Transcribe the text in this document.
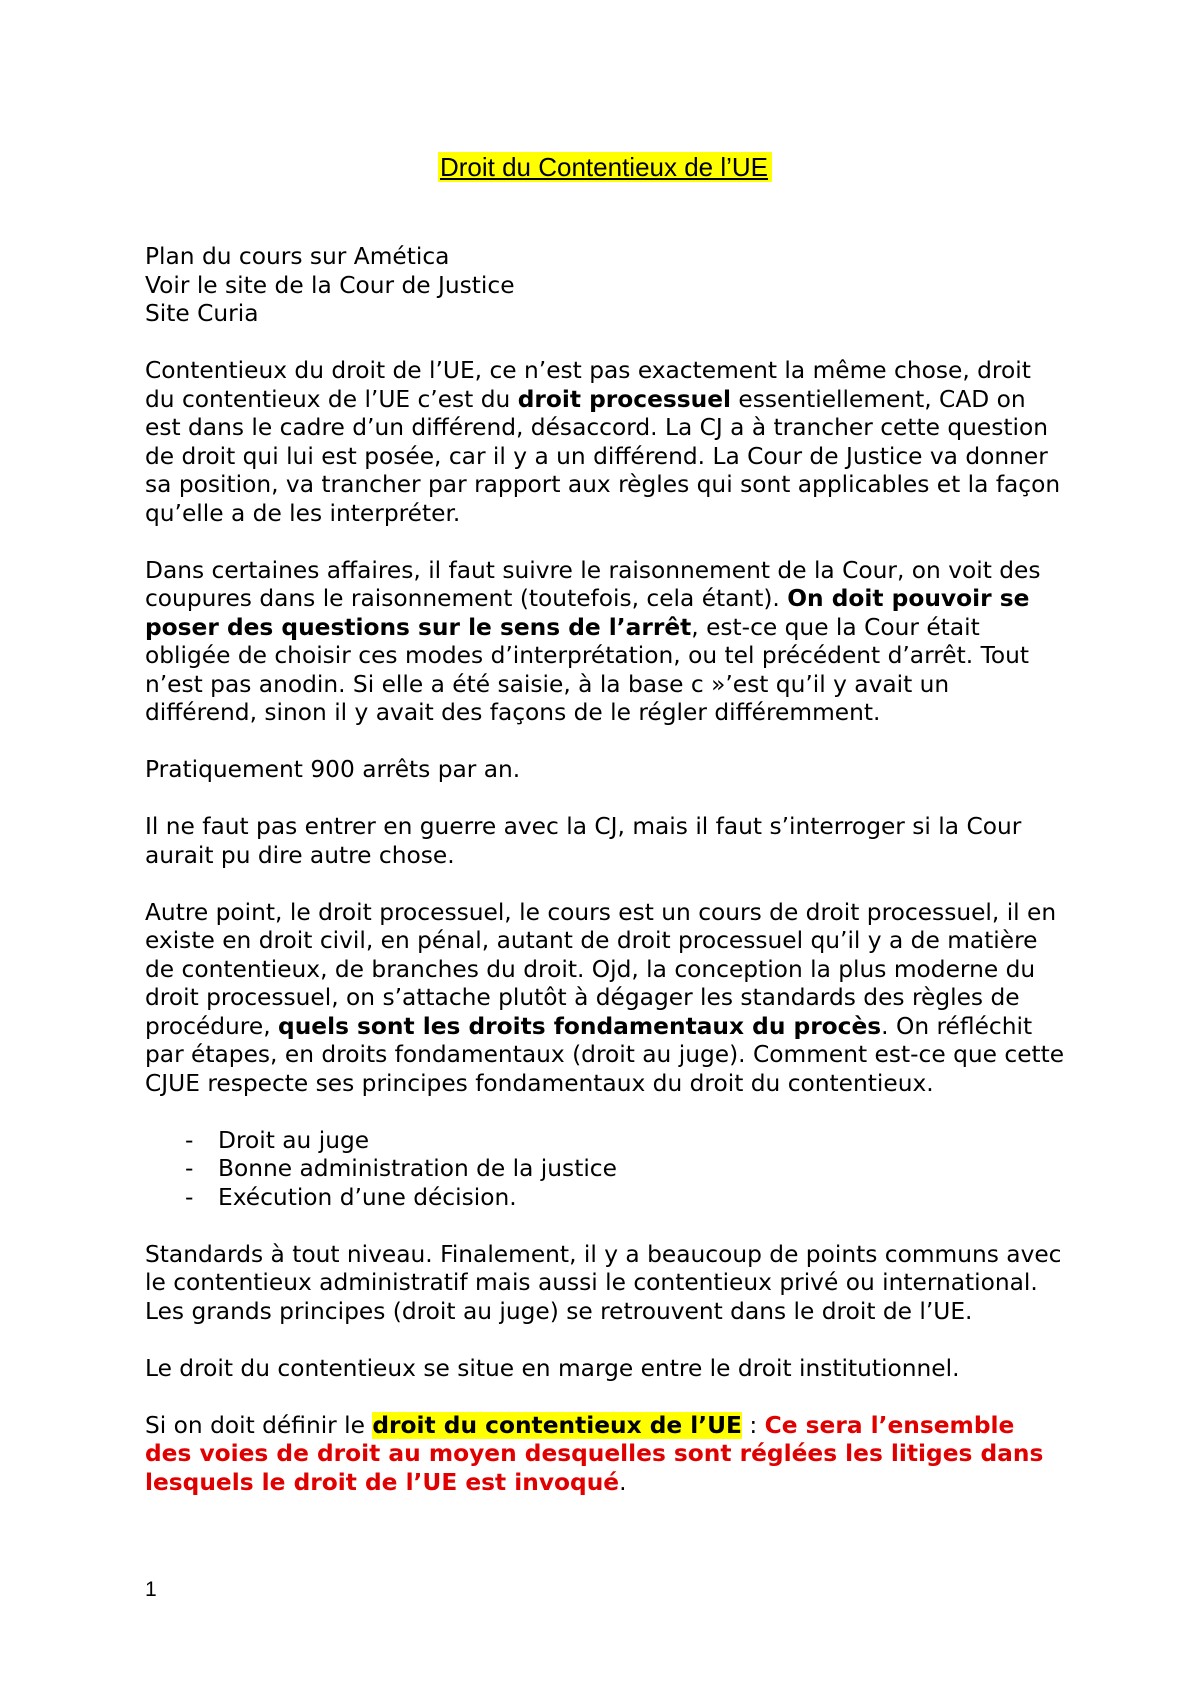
Droit du Contentieux de l’UE

Plan du cours sur Amética
Voir le site de la Cour de Justice
Site Curia

Contentieux du droit de l’UE, ce n’est pas exactement la même chose, droit du contentieux de l’UE c’est du droit processuel essentiellement, CAD on est dans le cadre d’un différend, désaccord. La CJ a à trancher cette question de droit qui lui est posée, car il y a un différend. La Cour de Justice va donner sa position, va trancher par rapport aux règles qui sont applicables et la façon qu’elle a de les interpréter.

Dans certaines affaires, il faut suivre le raisonnement de la Cour, on voit des coupures dans le raisonnement (toutefois, cela étant). On doit pouvoir se poser des questions sur le sens de l’arrêt, est-ce que la Cour était obligée de choisir ces modes d’interprétation, ou tel précédent d’arrêt. Tout n’est pas anodin. Si elle a été saisie, à la base c »’est qu’il y avait un différend, sinon il y avait des façons de le régler différemment.

Pratiquement 900 arrêts par an.

Il ne faut pas entrer en guerre avec la CJ, mais il faut s’interroger si la Cour aurait pu dire autre chose.

Autre point, le droit processuel, le cours est un cours de droit processuel, il en existe en droit civil, en pénal, autant de droit processuel qu’il y a de matière de contentieux, de branches du droit. Ojd, la conception la plus moderne du droit processuel, on s’attache plutôt à dégager les standards des règles de procédure, quels sont les droits fondamentaux du procès. On réfléchit par étapes, en droits fondamentaux (droit au juge). Comment est-ce que cette CJUE respecte ses principes fondamentaux du droit du contentieux.

- Droit au juge
- Bonne administration de la justice
- Exécution d’une décision.

Standards à tout niveau. Finalement, il y a beaucoup de points communs avec le contentieux administratif mais aussi le contentieux privé ou international. Les grands principes (droit au juge) se retrouvent dans le droit de l’UE.

Le droit du contentieux se situe en marge entre le droit institutionnel.

Si on doit définir le droit du contentieux de l’UE : Ce sera l’ensemble des voies de droit au moyen desquelles sont réglées les litiges dans lesquels le droit de l’UE est invoqué.

1
